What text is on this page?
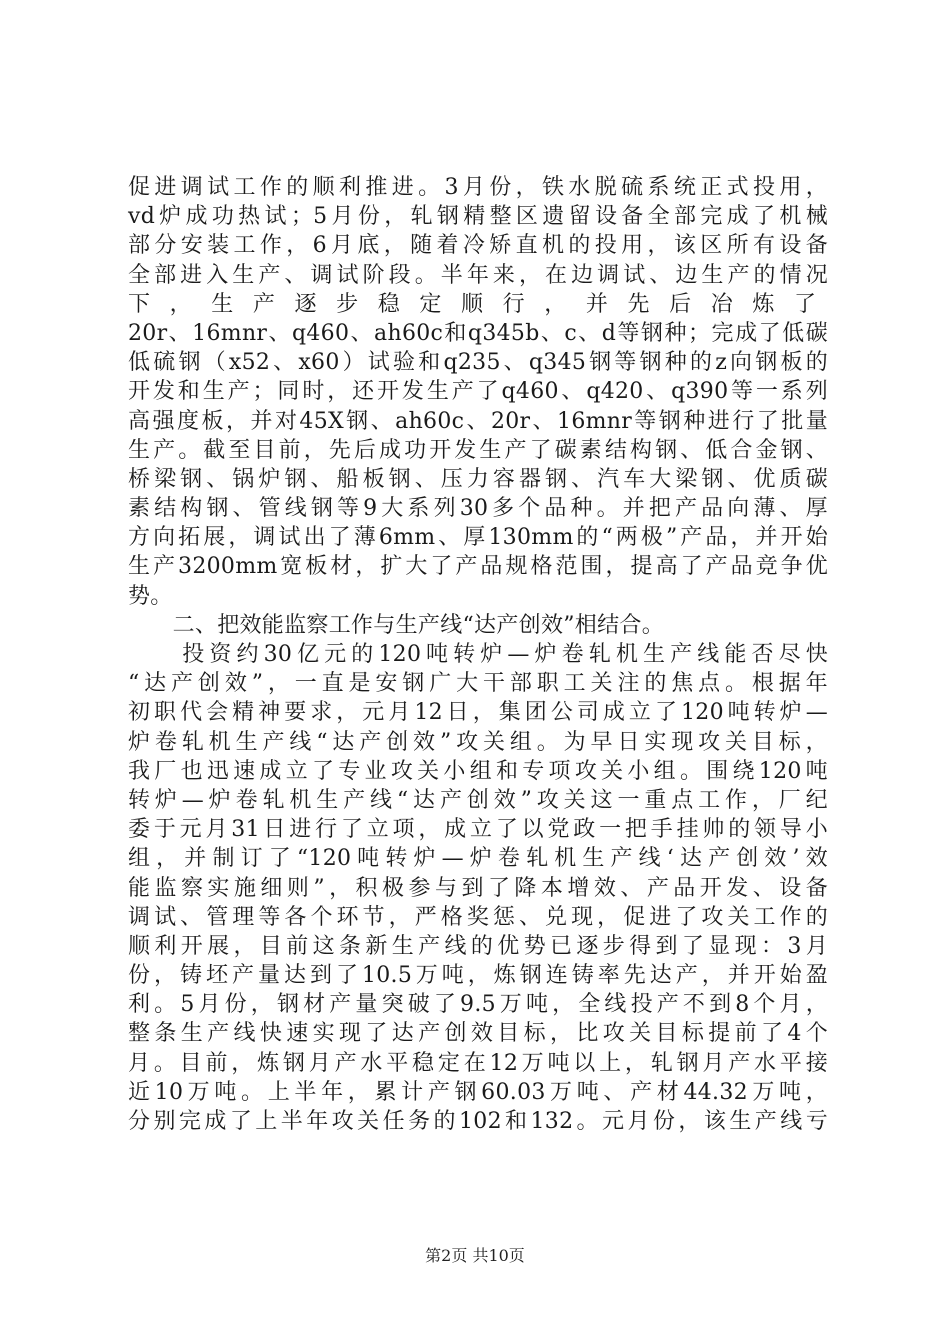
促进调试工作的顺利推进。3月份，铁水脱硫系统正式投用，
vd炉成功热试；5月份，轧钢精整区遗留设备全部完成了机械
部分安装工作，6月底，随着冷矫直机的投用，该区所有设备
全部进入生产、调试阶段。半年来，在边调试、边生产的情况
下，生产逐步稳定顺行，并先后冶炼了
20r、16mnr、q460、ah60c和q345b、c、d等钢种；完成了低碳
低硫钢（x52、x60）试验和q235、q345钢等钢种的z向钢板的
开发和生产；同时，还开发生产了q460、q420、q390等一系列
高强度板，并对45X钢、ah60c、20r、16mnr等钢种进行了批量
生产。截至目前，先后成功开发生产了碳素结构钢、低合金钢、
桥梁钢、锅炉钢、船板钢、压力容器钢、汽车大梁钢、优质碳
素结构钢、管线钢等9大系列30多个品种。并把产品向薄、厚
方向拓展，调试出了薄6mm、厚130mm的“两极”产品，并开始
生产3200mm宽板材，扩大了产品规格范围，提高了产品竞争优
势。
　　二、把效能监察工作与生产线“达产创效”相结合。
　　投资约30亿元的120吨转炉—炉卷轧机生产线能否尽快
“达产创效”，一直是安钢广大干部职工关注的焦点。根据年
初职代会精神要求，元月12日，集团公司成立了120吨转炉—
炉卷轧机生产线“达产创效”攻关组。为早日实现攻关目标，
我厂也迅速成立了专业攻关小组和专项攻关小组。围绕120吨
转炉—炉卷轧机生产线“达产创效”攻关这一重点工作，厂纪
委于元月31日进行了立项，成立了以党政一把手挂帅的领导小
组，并制订了“120吨转炉—炉卷轧机生产线‘达产创效’效
能监察实施细则”，积极参与到了降本增效、产品开发、设备
调试、管理等各个环节，严格奖惩、兑现，促进了攻关工作的
顺利开展，目前这条新生产线的优势已逐步得到了显现：3月
份，铸坯产量达到了10.5万吨，炼钢连铸率先达产，并开始盈
利。5月份，钢材产量突破了9.5万吨，全线投产不到8个月，
整条生产线快速实现了达产创效目标，比攻关目标提前了4个
月。目前，炼钢月产水平稳定在12万吨以上，轧钢月产水平接
近10万吨。上半年，累计产钢60.03万吨、产材44.32万吨，
分别完成了上半年攻关任务的102和132。元月份，该生产线亏
第2页 共10页
